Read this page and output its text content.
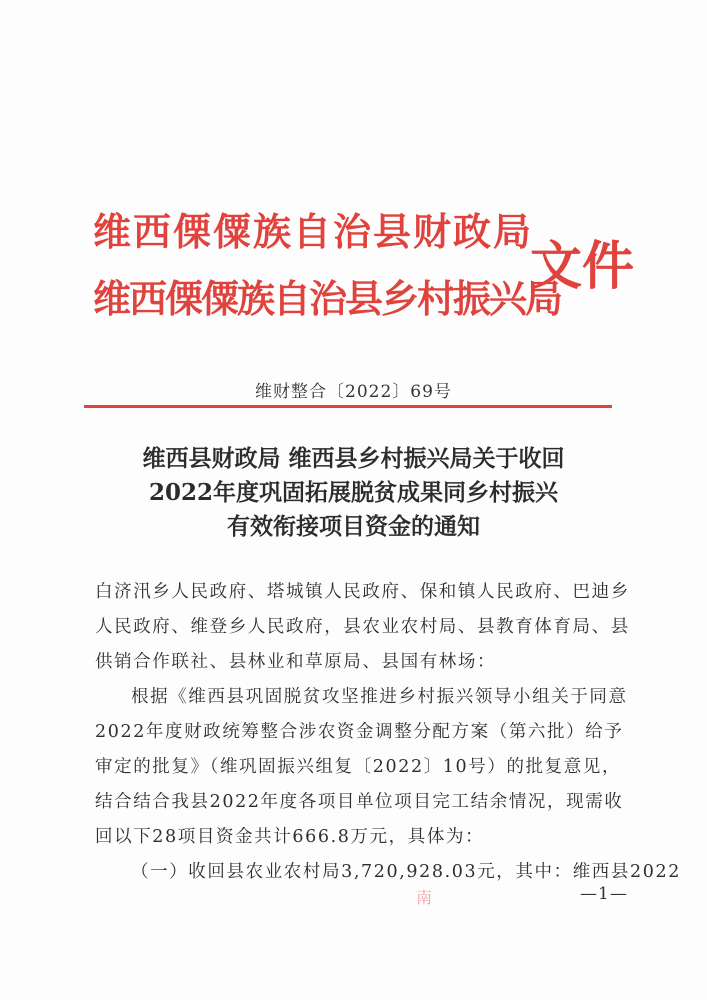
维西傈僳族自治县财政局
维西傈僳族自治县乡村振兴局
文件
维财整合〔2022〕69号
维西县财政局 维西县乡村振兴局关于收回
2022年度巩固拓展脱贫成果同乡村振兴
有效衔接项目资金的通知
白济汛乡人民政府、塔城镇人民政府、保和镇人民政府、巴迪乡
人民政府、维登乡人民政府，县农业农村局、县教育体育局、县
供销合作联社、县林业和草原局、县国有林场：
根据《维西县巩固脱贫攻坚推进乡村振兴领导小组关于同意
2022年度财政统筹整合涉农资金调整分配方案（第六批）给予
审定的批复》（维巩固振兴组复〔2022〕10号）的批复意见，
结合结合我县2022年度各项目单位项目完工结余情况，现需收
回以下28项目资金共计666.8万元，具体为：
（一）收回县农业农村局3,720,928.03元，其中：维西县2022
南	—1—
